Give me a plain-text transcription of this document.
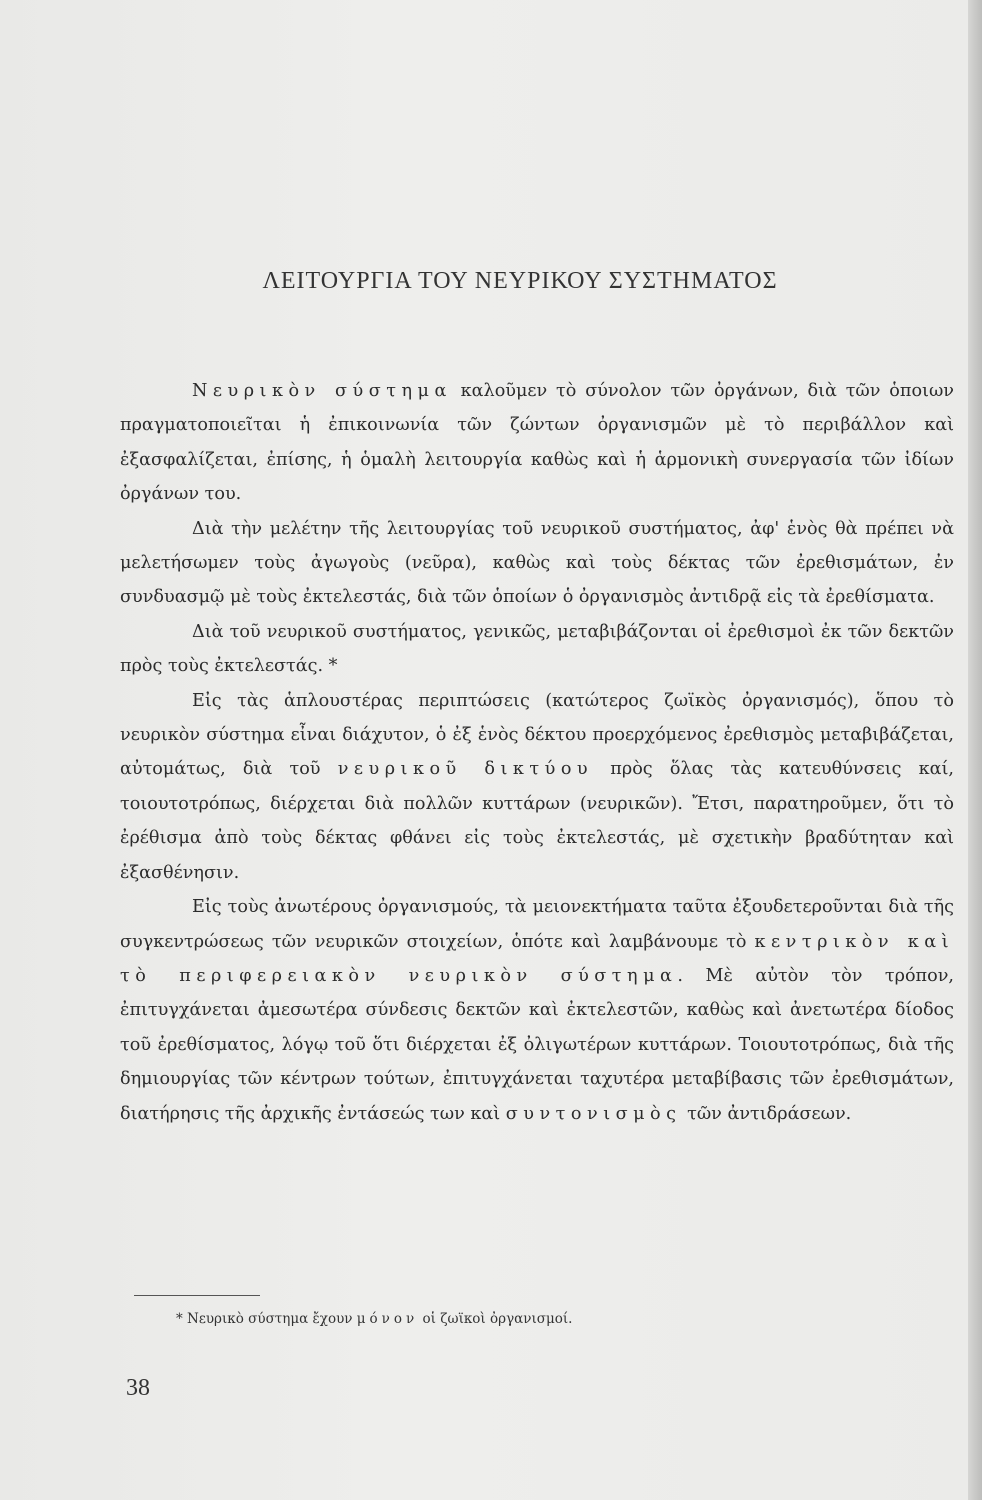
ΛΕΙΤΟΥΡΓΙΑ ΤΟΥ ΝΕΥΡΙΚΟΥ ΣΥΣΤΗΜΑΤΟΣ

Νευρικὸν σύστημα καλοῦμεν τὸ σύνολον τῶν ὀργάνων, διὰ τῶν ὁποιων πραγματοποιεῖται ἡ ἐπικοινωνία τῶν ζώντων ὀργανισμῶν μὲ τὸ περιβάλλον καὶ ἐξασφαλίζεται, ἐπίσης, ἡ ὁμαλὴ λειτουργία καθὼς καὶ ἡ ἁρμονικὴ συνεργασία τῶν ἰδίων ὀργάνων του.

Διὰ τὴν μελέτην τῆς λειτουργίας τοῦ νευρικοῦ συστήματος, ἀφ' ἑνὸς θὰ πρέπει νὰ μελετήσωμεν τοὺς ἀγωγοὺς (νεῦρα), καθὼς καὶ τοὺς δέκτας τῶν ἐρεθισμάτων, ἐν συνδυασμῷ μὲ τοὺς ἐκτελεστάς, διὰ τῶν ὁποίων ὁ ὀργανισμὸς ἀντιδρᾷ εἰς τὰ ἐρεθίσματα.

Διὰ τοῦ νευρικοῦ συστήματος, γενικῶς, μεταβιβάζονται οἱ ἐρεθισμοὶ ἐκ τῶν δεκτῶν πρὸς τοὺς ἐκτελεστάς. *

Εἰς τὰς ἁπλουστέρας περιπτώσεις (κατώτερος ζωϊκὸς ὀργανισμός), ὅπου τὸ νευρικὸν σύστημα εἶναι διάχυτον, ὁ ἐξ ἑνὸς δέκτου προερχόμενος ἐρεθισμὸς μεταβιβάζεται, αὐτομάτως, διὰ τοῦ νευρικοῦ δικτύου πρὸς ὅλας τὰς κατευθύνσεις καί, τοιουτοτρόπως, διέρχεται διὰ πολλῶν κυττάρων (νευρικῶν). Ἔτσι, παρατηροῦμεν, ὅτι τὸ ἐρέθισμα ἀπὸ τοὺς δέκτας φθάνει εἰς τοὺς ἐκτελεστάς, μὲ σχετικὴν βραδύτηταν καὶ ἐξασθένησιν.

Εἰς τοὺς ἀνωτέρους ὀργανισμούς, τὰ μειονεκτήματα ταῦτα ἐξουδετεροῦνται διὰ τῆς συγκεντρώσεως τῶν νευρικῶν στοιχείων, ὁπότε καὶ λαμβάνουμε τὸ κεντρικὸν καὶ τὸ περιφερειακὸν νευρικὸν σύστημα. Μὲ αὐτὸν τὸν τρόπον, ἐπιτυγχάνεται ἀμεσωτέρα σύνδεσις δεκτῶν καὶ ἐκτελεστῶν, καθὼς καὶ ἀνετωτέρα δίοδος τοῦ ἐρεθίσματος, λόγῳ τοῦ ὅτι διέρχεται ἐξ ὀλιγωτέρων κυττάρων. Τοιουτοτρόπως, διὰ τῆς δημιουργίας τῶν κέντρων τούτων, ἐπιτυγχάνεται ταχυτέρα μεταβίβασις τῶν ἐρεθισμάτων, διατήρησις τῆς ἀρχικῆς ἐντάσεώς των καὶ συντονισμὸς τῶν ἀντιδράσεων.

* Νευρικὸ σύστημα ἔχουν μόνον οἱ ζωϊκοὶ ὀργανισμοί.
38
